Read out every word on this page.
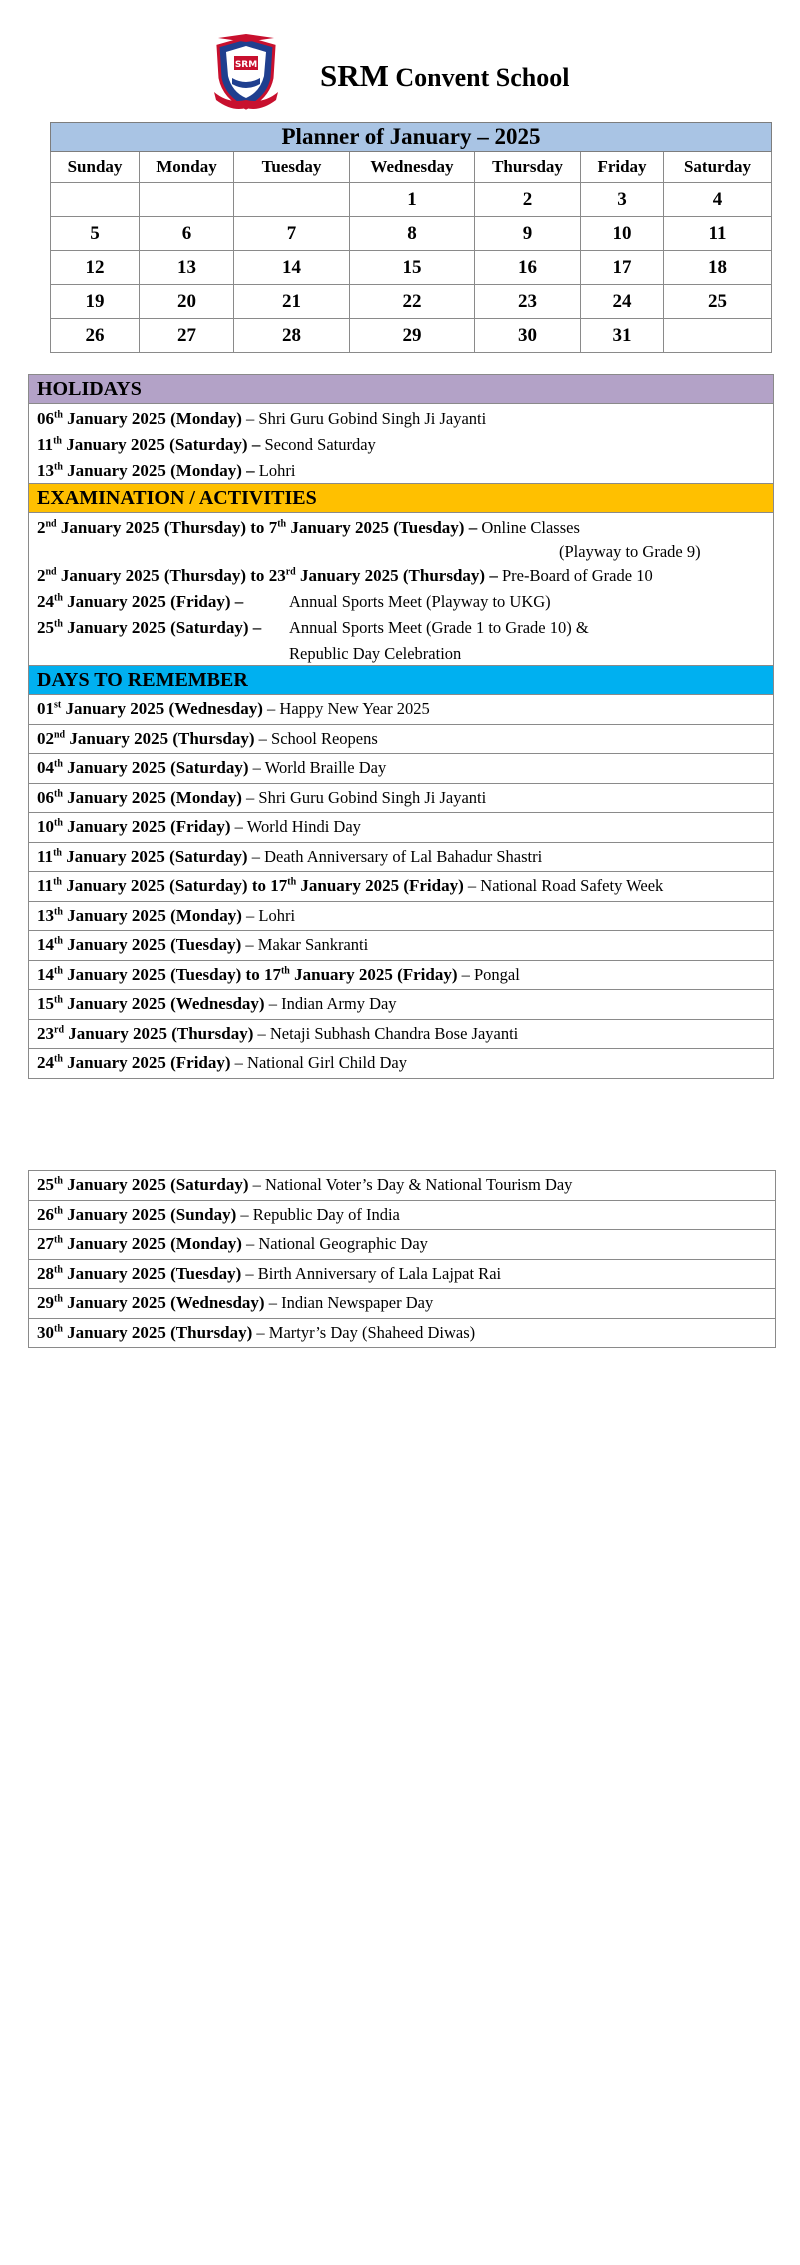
SRM SRM Convent School
Planner of January – 2025						
Sunday	Monday	Tuesday	Wednesday	Thursday	Friday	Saturday
			1	2	3	4
5	6	7	8	9	10	11
12	13	14	15	16	17	18
19	20	21	22	23	24	25
26	27	28	29	30	31	
HOLIDAYS
06th January 2025 (Monday) – Shri Guru Gobind Singh Ji Jayanti
11th January 2025 (Saturday) – Second Saturday
13th January 2025 (Monday) – Lohri
EXAMINATION / ACTIVITIES
2nd January 2025 (Thursday) to 7th January 2025 (Tuesday) – Online Classes
(Playway to Grade 9)
2nd January 2025 (Thursday) to 23rd January 2025 (Thursday) – Pre-Board of Grade 10
24th January 2025 (Friday) –	Annual Sports Meet (Playway to UKG)
25th January 2025 (Saturday) –	Annual Sports Meet (Grade 1 to Grade 10) &
Republic Day Celebration
DAYS TO REMEMBER
01st January 2025 (Wednesday) – Happy New Year 2025
02nd January 2025 (Thursday) – School Reopens
04th January 2025 (Saturday) – World Braille Day
06th January 2025 (Monday) – Shri Guru Gobind Singh Ji Jayanti
10th January 2025 (Friday) – World Hindi Day
11th January 2025 (Saturday) – Death Anniversary of Lal Bahadur Shastri
11th January 2025 (Saturday) to 17th January 2025 (Friday) – National Road Safety Week
13th January 2025 (Monday) – Lohri
14th January 2025 (Tuesday) – Makar Sankranti
14th January 2025 (Tuesday) to 17th January 2025 (Friday) – Pongal
15th January 2025 (Wednesday) – Indian Army Day
23rd January 2025 (Thursday) – Netaji Subhash Chandra Bose Jayanti
24th January 2025 (Friday) – National Girl Child Day
25th January 2025 (Saturday) – National Voter’s Day & National Tourism Day
26th January 2025 (Sunday) – Republic Day of India
27th January 2025 (Monday) – National Geographic Day
28th January 2025 (Tuesday) – Birth Anniversary of Lala Lajpat Rai
29th January 2025 (Wednesday) – Indian Newspaper Day
30th January 2025 (Thursday) – Martyr’s Day (Shaheed Diwas)
